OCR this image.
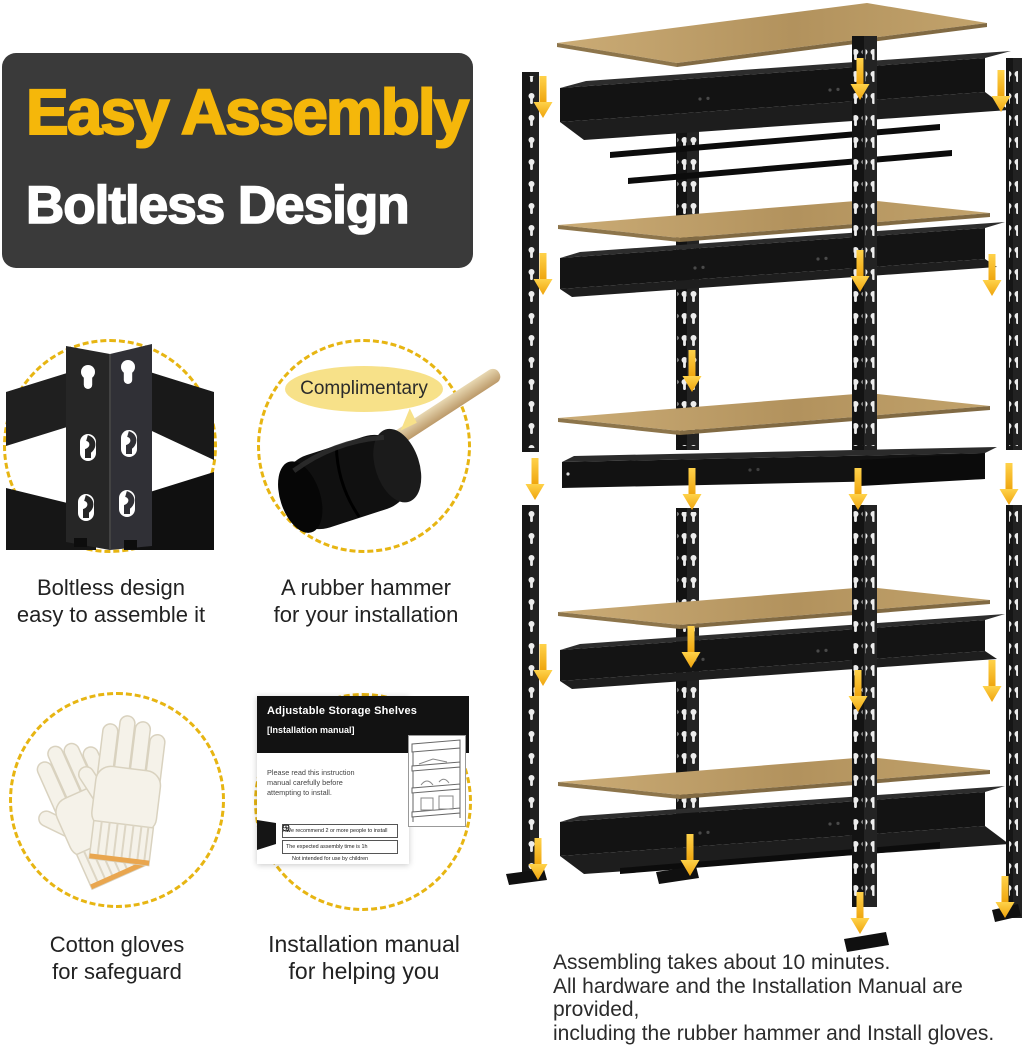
Easy Assembly
Boltless Design
Complimentary
Adjustable Storage Shelves
[Installation manual]
Please read this instruction manual carefully before attempting to install.
We recommend 2 or more people to install
The expected assembly time is 1h
Not intended for use by children
Boltless design
easy to assemble it
A rubber hammer
for your installation
Cotton gloves
for safeguard
Installation manual
for helping you	Assembling takes about 10 minutes.
All hardware and the Installation Manual are provided,
including the rubber hammer and Install gloves.
